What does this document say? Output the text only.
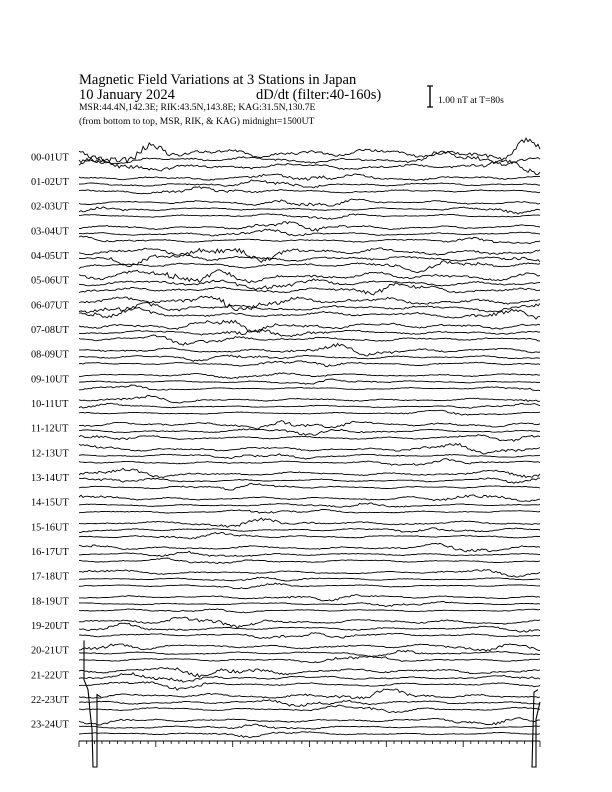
Magnetic Field Variations at 3 Stations in Japan
10 January 2024	dD/dt (filter:40-160s)
MSR:44.4N,142.3E; RIK:43.5N,143.8E; KAG:31.5N,130.7E
(from bottom to top, MSR, RIK, & KAG) midnight=1500UT
1.00 nT at T=80s
00-01UT
01-02UT
02-03UT
03-04UT
04-05UT
05-06UT
06-07UT
07-08UT
08-09UT
09-10UT
10-11UT
11-12UT
12-13UT
13-14UT
14-15UT
15-16UT
16-17UT
17-18UT
18-19UT
19-20UT
20-21UT
21-22UT
22-23UT
23-24UT
